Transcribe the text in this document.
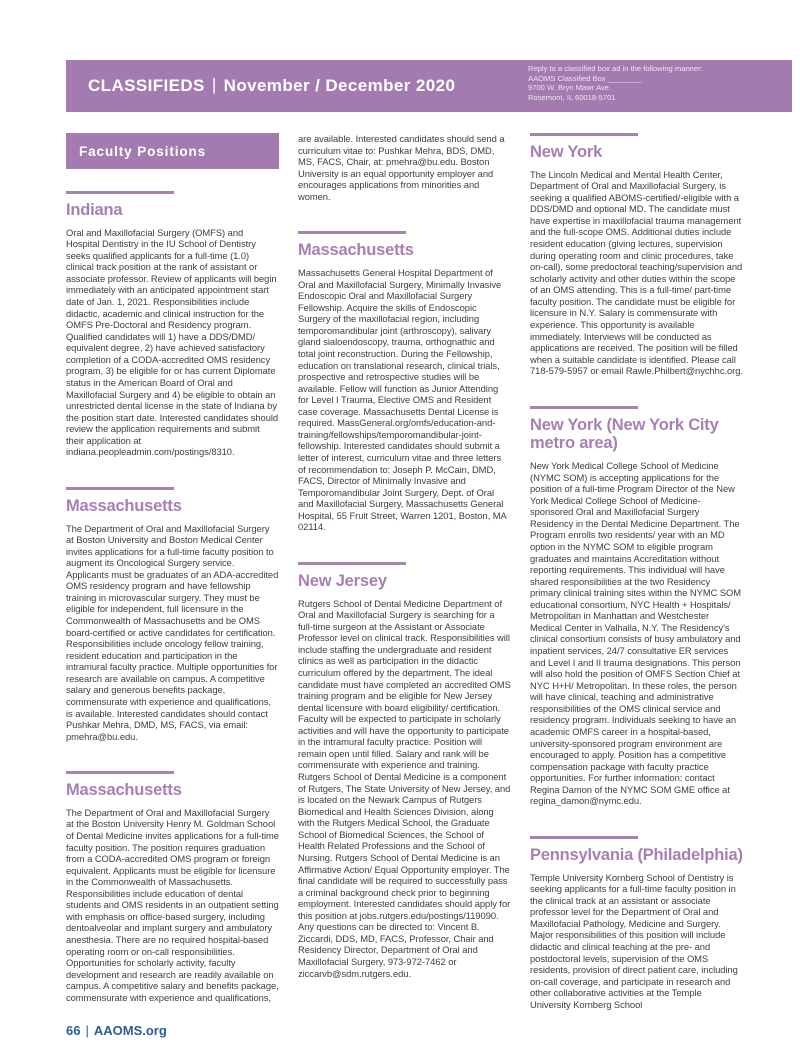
CLASSIFIEDS | November / December 2020
Reply to a classified box ad in the following manner:
AAOMS Classified Box ________
9700 W. Bryn Mawr Ave.
Rosemont, IL 60018-5701
Faculty Positions
Indiana

Oral and Maxillofacial Surgery (OMFS) and Hospital Dentistry in the IU School of Dentistry seeks qualified applicants for a full-time (1.0) clinical track position at the rank of assistant or associate professor. Review of applicants will begin immediately with an anticipated appointment start date of Jan. 1, 2021. Responsibilities include didactic, academic and clinical instruction for the OMFS Pre-Doctoral and Residency program. Qualified candidates will 1) have a DDS/DMD/ equivalent degree, 2) have achieved satisfactory completion of a CODA-accredited OMS residency program, 3) be eligible for or has current Diplomate status in the American Board of Oral and Maxillofacial Surgery and 4) be eligible to obtain an unrestricted dental license in the state of Indiana by the position start date. Interested candidates should review the application requirements and submit their application at indiana.peopleadmin.com/postings/8310.

Massachusetts

The Department of Oral and Maxillofacial Surgery at Boston University and Boston Medical Center invites applications for a full-time faculty position to augment its Oncological Surgery service. Applicants must be graduates of an ADA-accredited OMS residency program and have fellowship training in microvascular surgery. They must be eligible for independent, full licensure in the Commonwealth of Massachusetts and be OMS board-certified or active candidates for certification. Responsibilities include oncology fellow training, resident education and participation in the intramural faculty practice. Multiple opportunities for research are available on campus. A competitive salary and generous benefits package, commensurate with experience and qualifications, is available. Interested candidates should contact Pushkar Mehra, DMD, MS, FACS, via email: pmehra@bu.edu.

Massachusetts

The Department of Oral and Maxillofacial Surgery at the Boston University Henry M. Goldman School of Dental Medicine invites applications for a full-time faculty position. The position requires graduation from a CODA-accredited OMS program or foreign equivalent. Applicants must be eligible for licensure in the Commonwealth of Massachusetts. Responsibilities include education of dental students and OMS residents in an outpatient setting with emphasis on office-based surgery, including dentoalveolar and implant surgery and ambulatory anesthesia. There are no required hospital-based operating room or on-call responsibilities. Opportunities for scholarly activity, faculty development and research are readily available on campus. A competitive salary and benefits package, commensurate with experience and qualifications,

are available. Interested candidates should send a curriculum vitae to: Pushkar Mehra, BDS, DMD, MS, FACS, Chair, at: pmehra@bu.edu. Boston University is an equal opportunity employer and encourages applications from minorities and women.

Massachusetts

Massachusetts General Hospital Department of Oral and Maxillofacial Surgery, Minimally Invasive Endoscopic Oral and Maxillofacial Surgery Fellowship. Acquire the skills of Endoscopic Surgery of the maxillofacial region, including temporomandibular joint (arthroscopy), salivary gland sialoendoscopy, trauma, orthognathic and total joint reconstruction. During the Fellowship, education on translational research, clinical trials, prospective and retrospective studies will be available. Fellow will function as Junior Attending for Level I Trauma, Elective OMS and Resident case coverage. Massachusetts Dental License is required. MassGeneral.org/omfs/education-and-training/fellowships/temporomandibular-joint-fellowship. Interested candidates should submit a letter of interest, curriculum vitae and three letters of recommendation to: Joseph P. McCain, DMD, FACS, Director of Minimally Invasive and Temporomandibular Joint Surgery, Dept. of Oral and Maxillofacial Surgery, Massachusetts General Hospital, 55 Fruit Street, Warren 1201, Boston, MA 02114.

New Jersey

Rutgers School of Dental Medicine Department of Oral and Maxillofacial Surgery is searching for a full-time surgeon at the Assistant or Associate Professor level on clinical track. Responsibilities will include staffing the undergraduate and resident clinics as well as participation in the didactic curriculum offered by the department. The ideal candidate must have completed an accredited OMS training program and be eligible for New Jersey dental licensure with board eligibility/ certification. Faculty will be expected to participate in scholarly activities and will have the opportunity to participate in the intramural faculty practice. Position will remain open until filled. Salary and rank will be commensurate with experience and training. Rutgers School of Dental Medicine is a component of Rutgers, The State University of New Jersey, and is located on the Newark Campus of Rutgers Biomedical and Health Sciences Division, along with the Rutgers Medical School, the Graduate School of Biomedical Sciences, the School of Health Related Professions and the School of Nursing. Rutgers School of Dental Medicine is an Affirmative Action/ Equal Opportunity employer. The final candidate will be required to successfully pass a criminal background check prior to beginning employment. Interested candidates should apply for this position at jobs.rutgers.edu/postings/119090. Any questions can be directed to: Vincent B. Ziccardi, DDS, MD, FACS, Professor, Chair and Residency Director, Department of Oral and Maxillofacial Surgery, 973-972-7462 or ziccarvb@sdm.rutgers.edu.

New York

The Lincoln Medical and Mental Health Center, Department of Oral and Maxillofacial Surgery, is seeking a qualified ABOMS-certified/-eligible with a DDS/DMD and optional MD. The candidate must have expertise in maxillofacial trauma management and the full-scope OMS. Additional duties include resident education (giving lectures, supervision during operating room and clinic procedures, take on-call), some predoctoral teaching/supervision and scholarly activity and other duties within the scope of an OMS attending. This is a full-time/ part-time faculty position. The candidate must be eligible for licensure in N.Y. Salary is commensurate with experience. This opportunity is available immediately. Interviews will be conducted as applications are received. The position will be filled when a suitable candidate is identified. Please call 718-579-5957 or email Rawle.Philbert@nychhc.org.

New York (New York City metro area)

New York Medical College School of Medicine (NYMC SOM) is accepting applications for the position of a full-time Program Director of the New York Medical College School of Medicine-sponsored Oral and Maxillofacial Surgery Residency in the Dental Medicine Department. The Program enrolls two residents/ year with an MD option in the NYMC SOM to eligible program graduates and maintains Accreditation without reporting requirements. This individual will have shared responsibilities at the two Residency primary clinical training sites within the NYMC SOM educational consortium, NYC Health + Hospitals/ Metropolitan in Manhattan and Westchester Medical Center in Valhalla, N.Y. The Residency's clinical consortium consists of busy ambulatory and inpatient services, 24/7 consultative ER services and Level I and II trauma designations. This person will also hold the position of OMFS Section Chief at NYC H+H/ Metropolitan. In these roles, the person will have clinical, teaching and administrative responsibilities of the OMS clinical service and residency program. Individuals seeking to have an academic OMFS career in a hospital-based, university-sponsored program environment are encouraged to apply. Position has a competitive compensation package with faculty practice opportunities. For further information: contact Regina Damon of the NYMC SOM GME office at regina_damon@nymc.edu.

Pennsylvania (Philadelphia)

Temple University Kornberg School of Dentistry is seeking applicants for a full-time faculty position in the clinical track at an assistant or associate professor level for the Department of Oral and Maxillofacial Pathology, Medicine and Surgery. Major responsibilities of this position will include didactic and clinical teaching at the pre- and postdoctoral levels, supervision of the OMS residents, provision of direct patient care, including on-call coverage, and participate in research and other collaborative activities at the Temple University Kornberg School

66 | AAOMS.org
